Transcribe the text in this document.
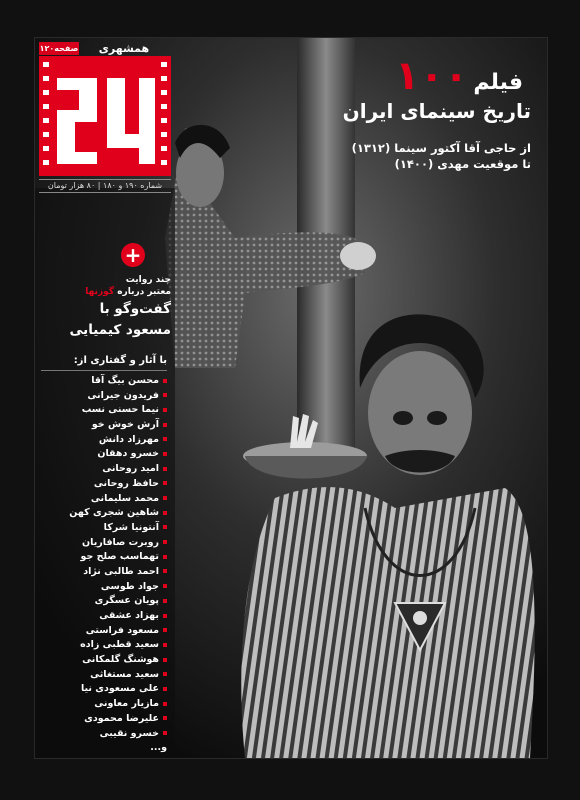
۱۲۰صفحه	همشهری
شماره ۱۹۰ و ۱۸۰ | ۸۰ هزار تومان
فیلم ۱۰۰
تاریخ سینمای ایران
از حاجی آقا آکتور سینما (۱۳۱۲)
تا موقعیت مهدی (۱۴۰۰)
+
چند روایت
معتبر درباره گوزنها
گفت‌وگو با
مسعود کیمیایی
با آثار و گفتاری از:
محسن بیگ آقا
فریدون جیرانی
نیما حسنی نسب
آرش خوش خو
مهرزاد دانش
خسرو دهقان
امید روحانی
حافظ روحانی
محمد سلیمانی
شاهین شجری کهن
آنتونیا شرکا
روبرت صافاریان
تهماسب صلح جو
احمد طالبی نژاد
جواد طوسی
پویان عسگری
بهزاد عشقی
مسعود فراستی
سعید قطبی زاده
هوشنگ گلمکانی
سعید مستغاثی
علی مسعودی نیا
مازیار معاونی
علیرضا محمودی
خسرو نقیبی
و...
